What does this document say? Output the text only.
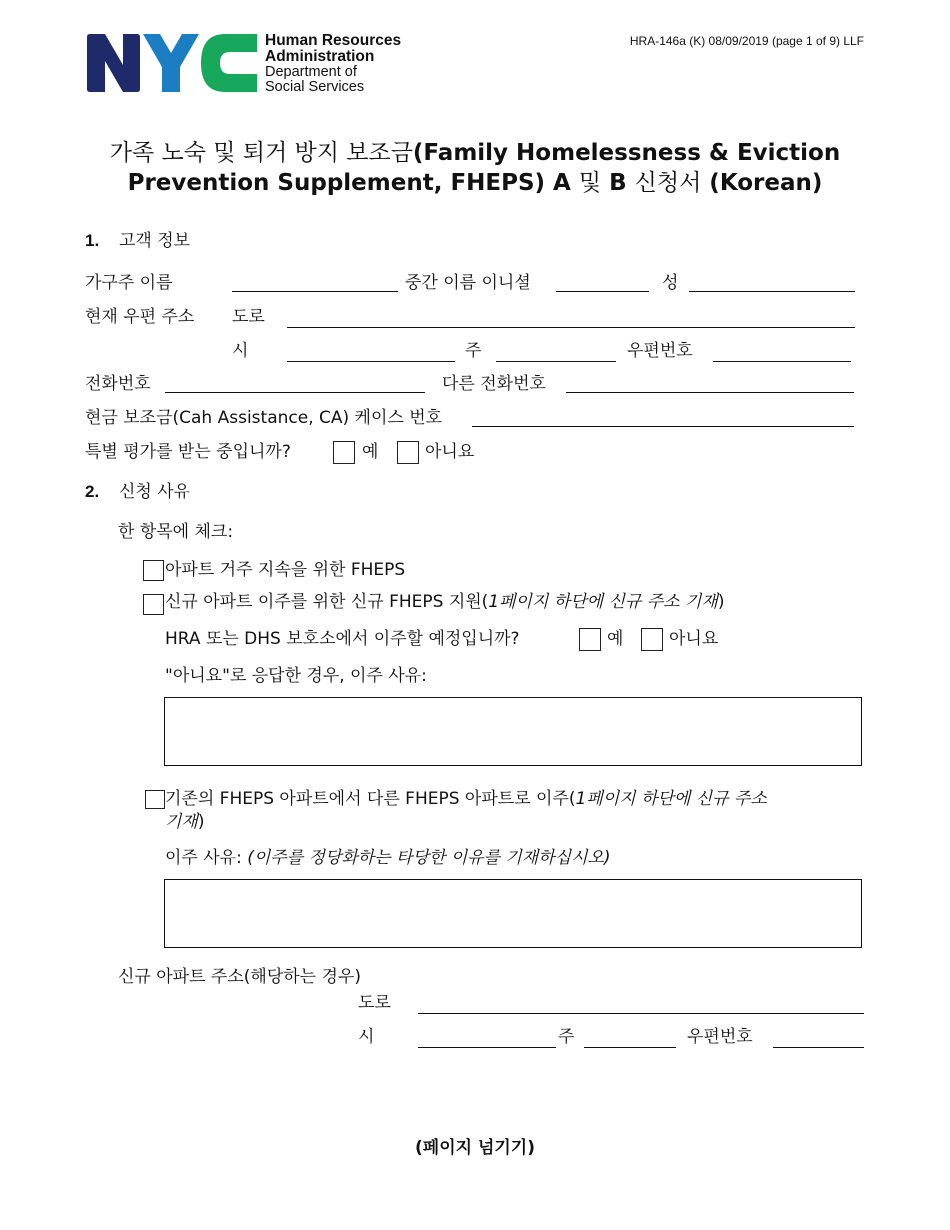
Human Resources
Administration
Department of
Social Services
HRA-146a (K) 08/09/2019 (page 1 of 9) LLF
가족 노숙 및 퇴거 방지 보조금(Family Homelessness & Eviction
Prevention Supplement, FHEPS) A 및 B 신청서 (Korean)
1. 고객 정보
가구주 이름	중간 이름 이니셜	성
현재 우편 주소 도로
시	주	우편번호
전화번호	다른 전화번호
현금 보조금(Cah Assistance, CA) 케이스 번호
특별 평가를 받는 중입니까?	예	아니요
2. 신청 사유
한 항목에 체크:
아파트 거주 지속을 위한 FHEPS
신규 아파트 이주를 위한 신규 FHEPS 지원(1페이지 하단에 신규 주소 기재)
HRA 또는 DHS 보호소에서 이주할 예정입니까?	예	아니요
"아니요"로 응답한 경우, 이주 사유:
기존의 FHEPS 아파트에서 다른 FHEPS 아파트로 이주(1페이지 하단에 신규 주소
기재)
이주 사유: (이주를 정당화하는 타당한 이유를 기재하십시오)
신규 아파트 주소(해당하는 경우)
도로
시	주	우편번호
(페이지 넘기기)
